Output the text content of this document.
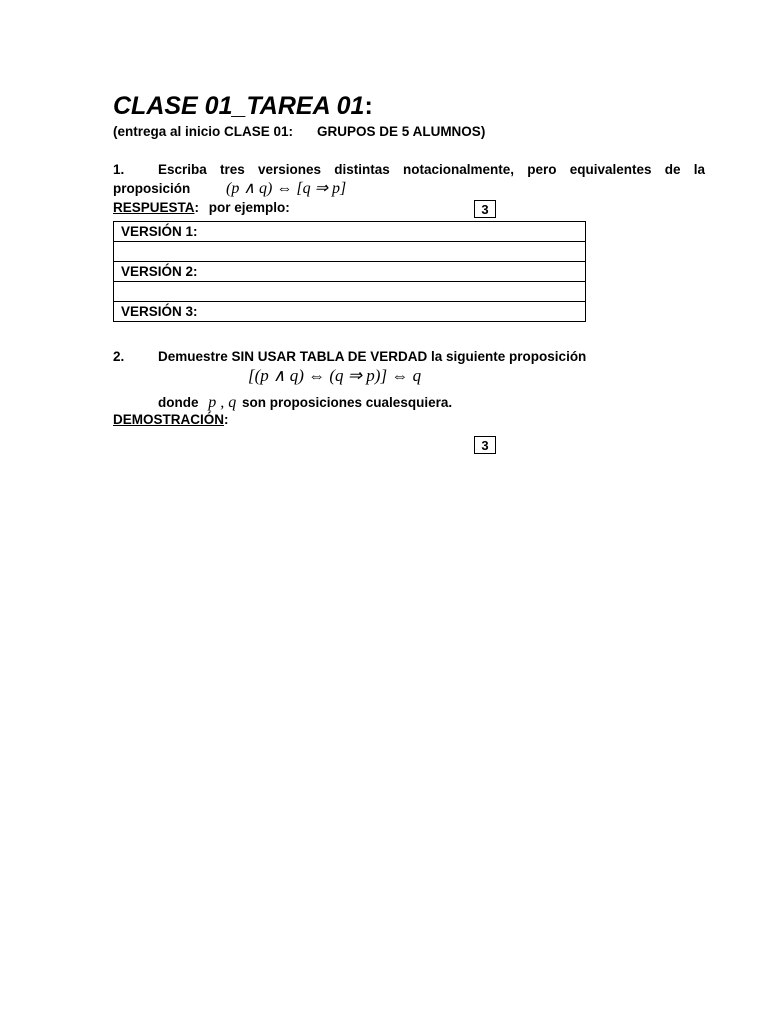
CLASE 01_TAREA 01:
(entrega al inicio CLASE 01: GRUPOS DE 5 ALUMNOS)
1. Escriba tres versiones distintas notacionalmente, pero equivalentes de la
proposición (p ∧ q) ⇔ [q ⇒ p]
RESPUESTA: por ejemplo:	3
VERSIÓN 1:

VERSIÓN 2:

VERSIÓN 3:
2. Demuestre SIN USAR TABLA DE VERDAD la siguiente proposición
[(p ∧ q) ⇔ (q ⇒ p)] ⇔ q
donde p , q son proposiciones cualesquiera.
DEMOSTRACIÓN:
3
